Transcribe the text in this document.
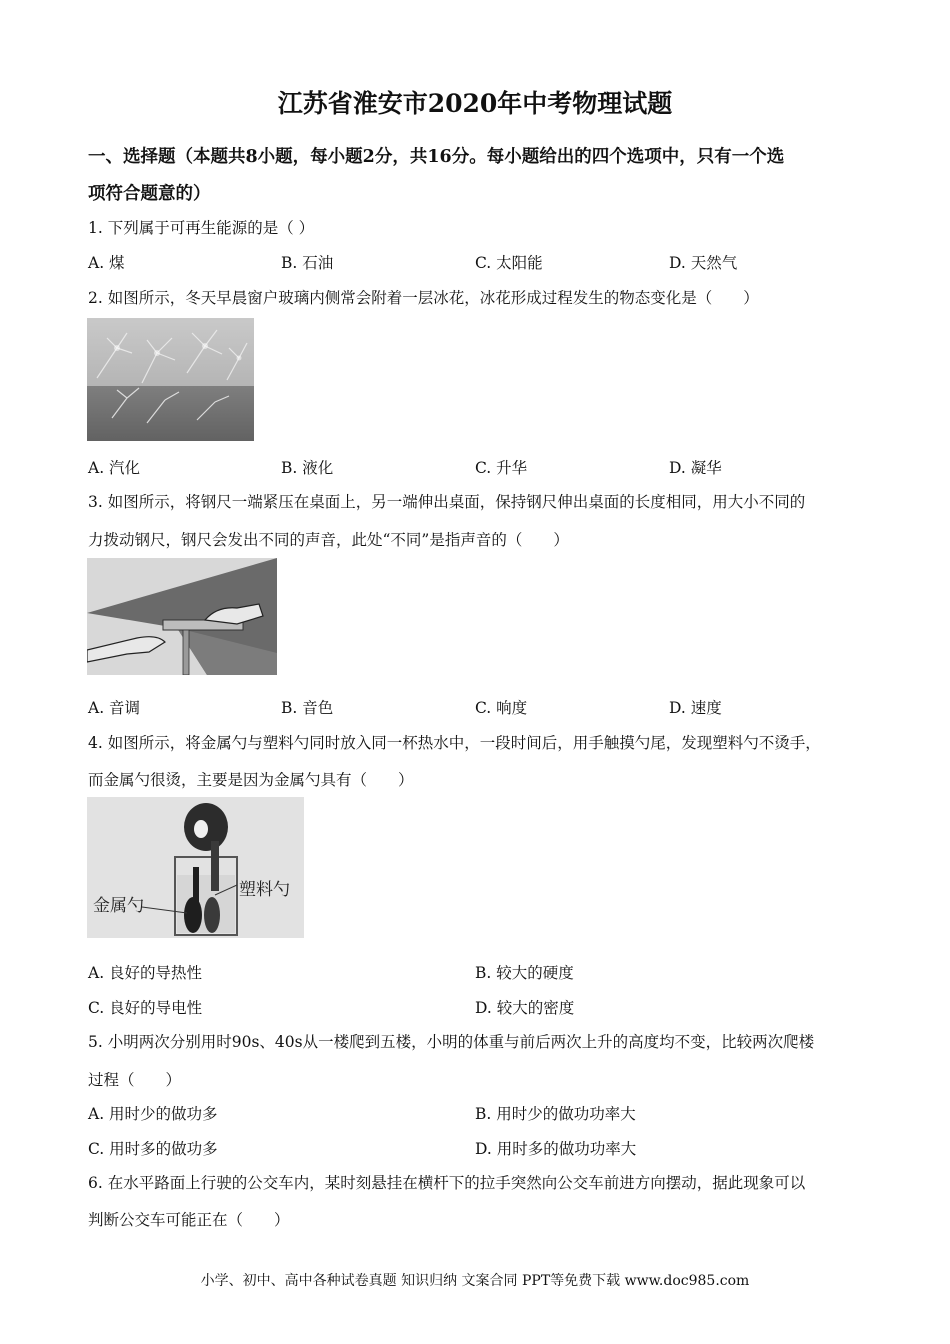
江苏省淮安市2020年中考物理试题
一、选择题（本题共8小题，每小题2分，共16分。每小题给出的四个选项中，只有一个选
项符合题意的）
1. 下列属于可再生能源的是（ ）
A. 煤	B. 石油	C. 太阳能	D. 天然气
2. 如图所示，冬天早晨窗户玻璃内侧常会附着一层冰花，冰花形成过程发生的物态变化是（　　）
A. 汽化	B. 液化	C. 升华	D. 凝华
3. 如图所示，将钢尺一端紧压在桌面上，另一端伸出桌面，保持钢尺伸出桌面的长度相同，用大小不同的
力拨动钢尺，钢尺会发出不同的声音，此处“不同”是指声音的（　　）
A. 音调	B. 音色	C. 响度	D. 速度
4. 如图所示，将金属勺与塑料勺同时放入同一杯热水中，一段时间后，用手触摸勺尾，发现塑料勺不烫手，
而金属勺很烫，主要是因为金属勺具有（　　）
金属勺
塑料勺
A. 良好的导热性	B. 较大的硬度
C. 良好的导电性	D. 较大的密度
5. 小明两次分别用时90s、40s从一楼爬到五楼，小明的体重与前后两次上升的高度均不变，比较两次爬楼
过程（　　）
A. 用时少的做功多	B. 用时少的做功功率大
C. 用时多的做功多	D. 用时多的做功功率大
6. 在水平路面上行驶的公交车内，某时刻悬挂在横杆下的拉手突然向公交车前进方向摆动，据此现象可以
判断公交车可能正在（　　）
小学、初中、高中各种试卷真题 知识归纳 文案合同 PPT等免费下载 www.doc985.com
